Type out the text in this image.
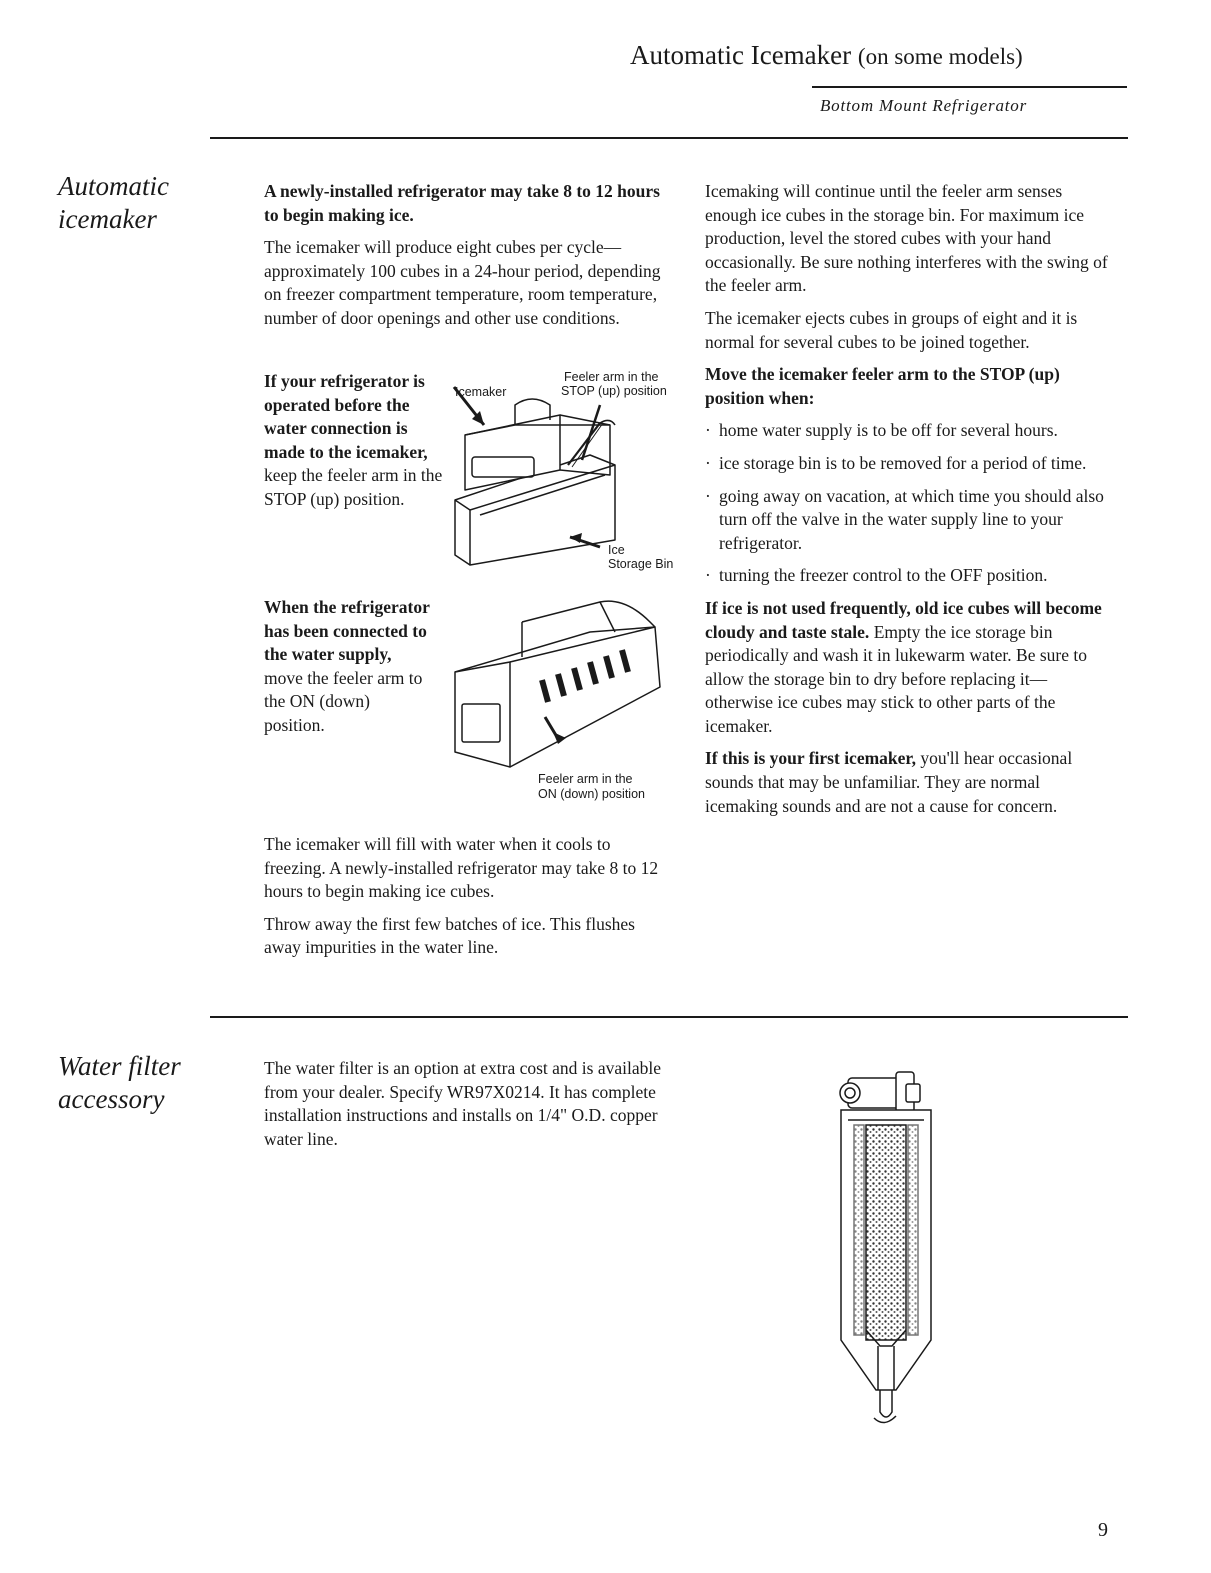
Automatic Icemaker (on some models)
Bottom Mount Refrigerator
Automatic
icemaker

A newly-installed refrigerator may take 8 to 12 hours to begin making ice.

The icemaker will produce eight cubes per cycle—approximately 100 cubes in a 24-hour period, depending on freezer compartment temperature, room temperature, number of door openings and other use conditions.

If your refrigerator is operated before the water connection is made to the icemaker, keep the feeler arm in the STOP (up) position.
When the refrigerator has been connected to the water supply, move the feeler arm to the ON (down) position.
Icemaker
Feeler arm in the
STOP (up) position
Ice
Storage Bin
Feeler arm in the
ON (down) position

The icemaker will fill with water when it cools to freezing. A newly-installed refrigerator may take 8 to 12 hours to begin making ice cubes.

Throw away the first few batches of ice. This flushes away impurities in the water line.

Icemaking will continue until the feeler arm senses enough ice cubes in the storage bin. For maximum ice production, level the stored cubes with your hand occasionally. Be sure nothing interferes with the swing of the feeler arm.

The icemaker ejects cubes in groups of eight and it is normal for several cubes to be joined together.

Move the icemaker feeler arm to the STOP (up) position when:

· home water supply is to be off for several hours.
· ice storage bin is to be removed for a period of time.
· going away on vacation, at which time you should also turn off the valve in the water supply line to your refrigerator.
· turning the freezer control to the OFF position.

If ice is not used frequently, old ice cubes will become cloudy and taste stale. Empty the ice storage bin periodically and wash it in lukewarm water. Be sure to allow the storage bin to dry before replacing it—otherwise ice cubes may stick to other parts of the icemaker.

If this is your first icemaker, you'll hear occasional sounds that may be unfamiliar. They are normal icemaking sounds and are not a cause for concern.

Water filter
accessory
The water filter is an option at extra cost and is available from your dealer. Specify WR97X0214. It has complete installation instructions and installs on 1/4" O.D. copper water line.
9
